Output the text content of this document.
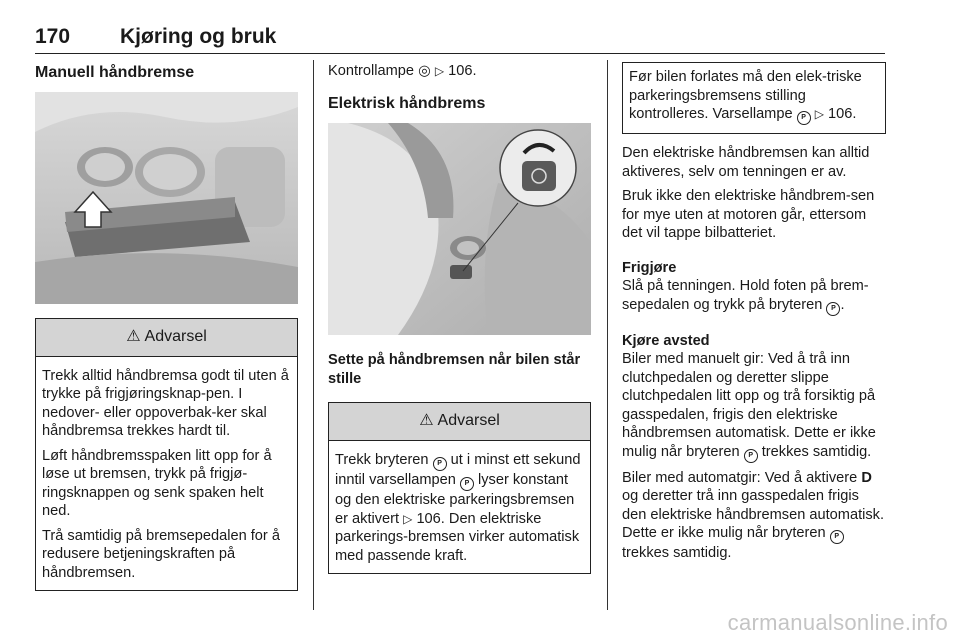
170 Kjøring og bruk
Manuell håndbremse
⚠ Advarsel

Trekk alltid håndbremsa godt til uten å trykke på frigjøringsknap-pen. I nedover- eller oppoverbak-ker skal håndbremsa trekkes hardt til.

Løft håndbremsspaken litt opp for å løse ut bremsen, trykk på frigjø-ringsknappen og senk spaken helt ned.

Trå samtidig på bremsepedalen for å redusere betjeningskraften på håndbremsen.

Kontrollampe ◎ ▷ 106.

Elektrisk håndbrems

Sette på håndbremsen når bilen står stille

⚠ Advarsel

Trekk bryteren P ut i minst ett sekund inntil varsellampen P lyser konstant og den elektriske parkeringsbremsen er aktivert ▷ 106. Den elektriske parkerings-bremsen virker automatisk med passende kraft.

Før bilen forlates må den elek-triske parkeringsbremsens stilling kontrolleres. Varsellampe P ▷ 106.

Den elektriske håndbremsen kan alltid aktiveres, selv om tenningen er av.

Bruk ikke den elektriske håndbrem-sen for mye uten at motoren går, ettersom det vil tappe bilbatteriet.

Frigjøre

Slå på tenningen. Hold foten på brem-sepedalen og trykk på bryteren P .

Kjøre avsted

Biler med manuelt gir: Ved å trå inn clutchpedalen og deretter slippe clutchpedalen litt opp og trå forsiktig på gasspedalen, frigis den elektriske håndbremsen automatisk. Dette er ikke mulig når bryteren P trekkes samtidig.

Biler med automatgir: Ved å aktivere D og deretter trå inn gasspedalen frigis den elektriske håndbremsen automatisk. Dette er ikke mulig når bryteren P trekkes samtidig.

carmanualsonline.info
